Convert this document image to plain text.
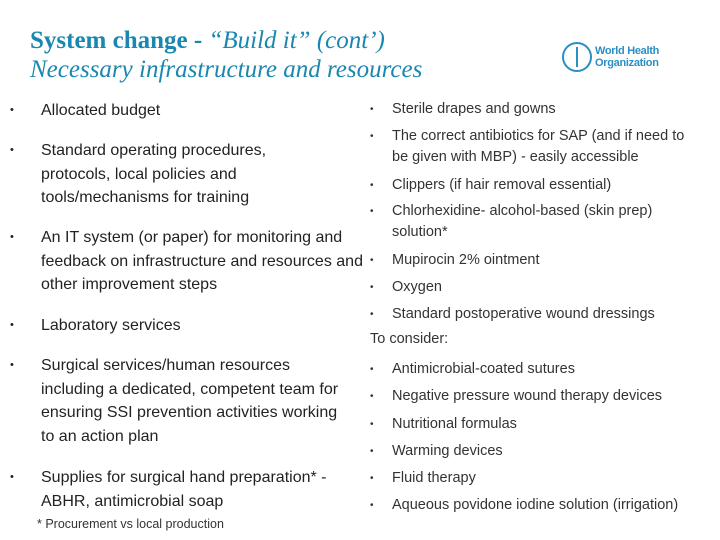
System change - “Build it” (cont’)
Necessary infrastructure and resources
World Health
Organization
• Allocated budget
• Standard operating procedures, protocols, local policies and tools/mechanisms for training
• An IT system (or paper) for monitoring and feedback on infrastructure and resources and other improvement steps
• Laboratory services
• Surgical services/human resources including a dedicated, competent team for ensuring SSI prevention activities working to an action plan
• Supplies for surgical hand preparation* - ABHR, antimicrobial soap
* Procurement vs local production
• Sterile drapes and gowns
• The correct antibiotics for SAP (and if need to be given with MBP) - easily accessible
• Clippers (if hair removal essential)
• Chlorhexidine- alcohol-based (skin prep) solution*
• Mupirocin 2% ointment
• Oxygen
• Standard postoperative wound dressings
To consider:
• Antimicrobial-coated sutures
• Negative pressure wound therapy devices
• Nutritional formulas
• Warming devices
• Fluid therapy
• Aqueous povidone iodine solution (irrigation)
